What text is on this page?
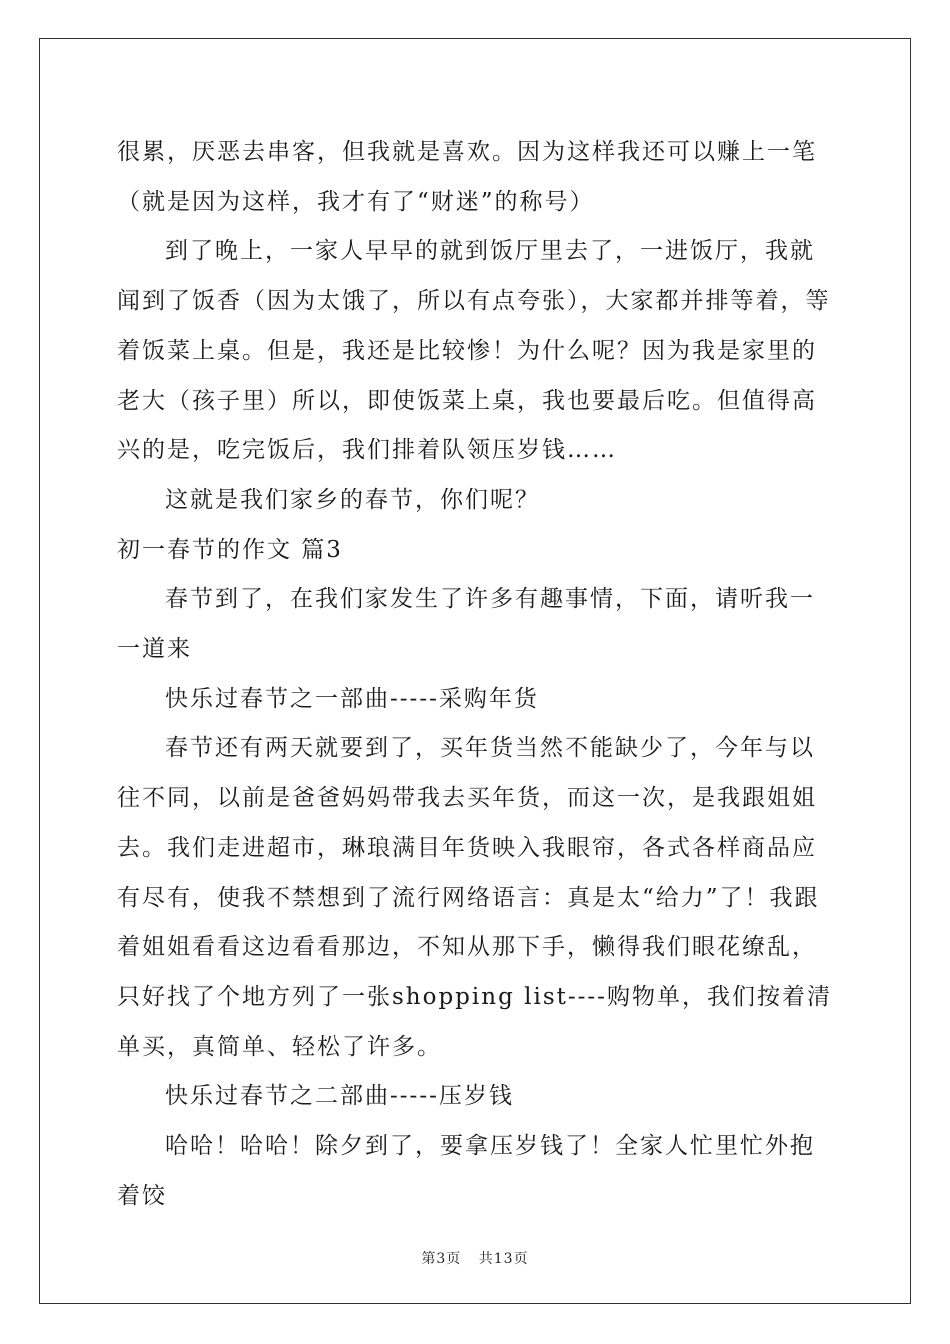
很累，厌恶去串客，但我就是喜欢。因为这样我还可以赚上一笔（就是因为这样，我才有了“财迷”的称号）

到了晚上，一家人早早的就到饭厅里去了，一进饭厅，我就闻到了饭香（因为太饿了，所以有点夸张），大家都并排等着，等着饭菜上桌。但是，我还是比较惨！为什么呢？因为我是家里的老大（孩子里）所以，即使饭菜上桌，我也要最后吃。但值得高兴的是，吃完饭后，我们排着队领压岁钱……

这就是我们家乡的春节，你们呢？

初一春节的作文 篇3

春节到了，在我们家发生了许多有趣事情，下面，请听我一一道来

快乐过春节之一部曲-----采购年货

春节还有两天就要到了，买年货当然不能缺少了，今年与以往不同，以前是爸爸妈妈带我去买年货，而这一次，是我跟姐姐去。我们走进超市，琳琅满目年货映入我眼帘，各式各样商品应有尽有，使我不禁想到了流行网络语言：真是太“给力”了！我跟着姐姐看看这边看看那边，不知从那下手，懒得我们眼花缭乱，只好找了个地方列了一张shopping list----购物单，我们按着清单买，真简单、轻松了许多。

快乐过春节之二部曲-----压岁钱

哈哈！哈哈！除夕到了，要拿压岁钱了！全家人忙里忙外抱着饺

第3页 共13页
